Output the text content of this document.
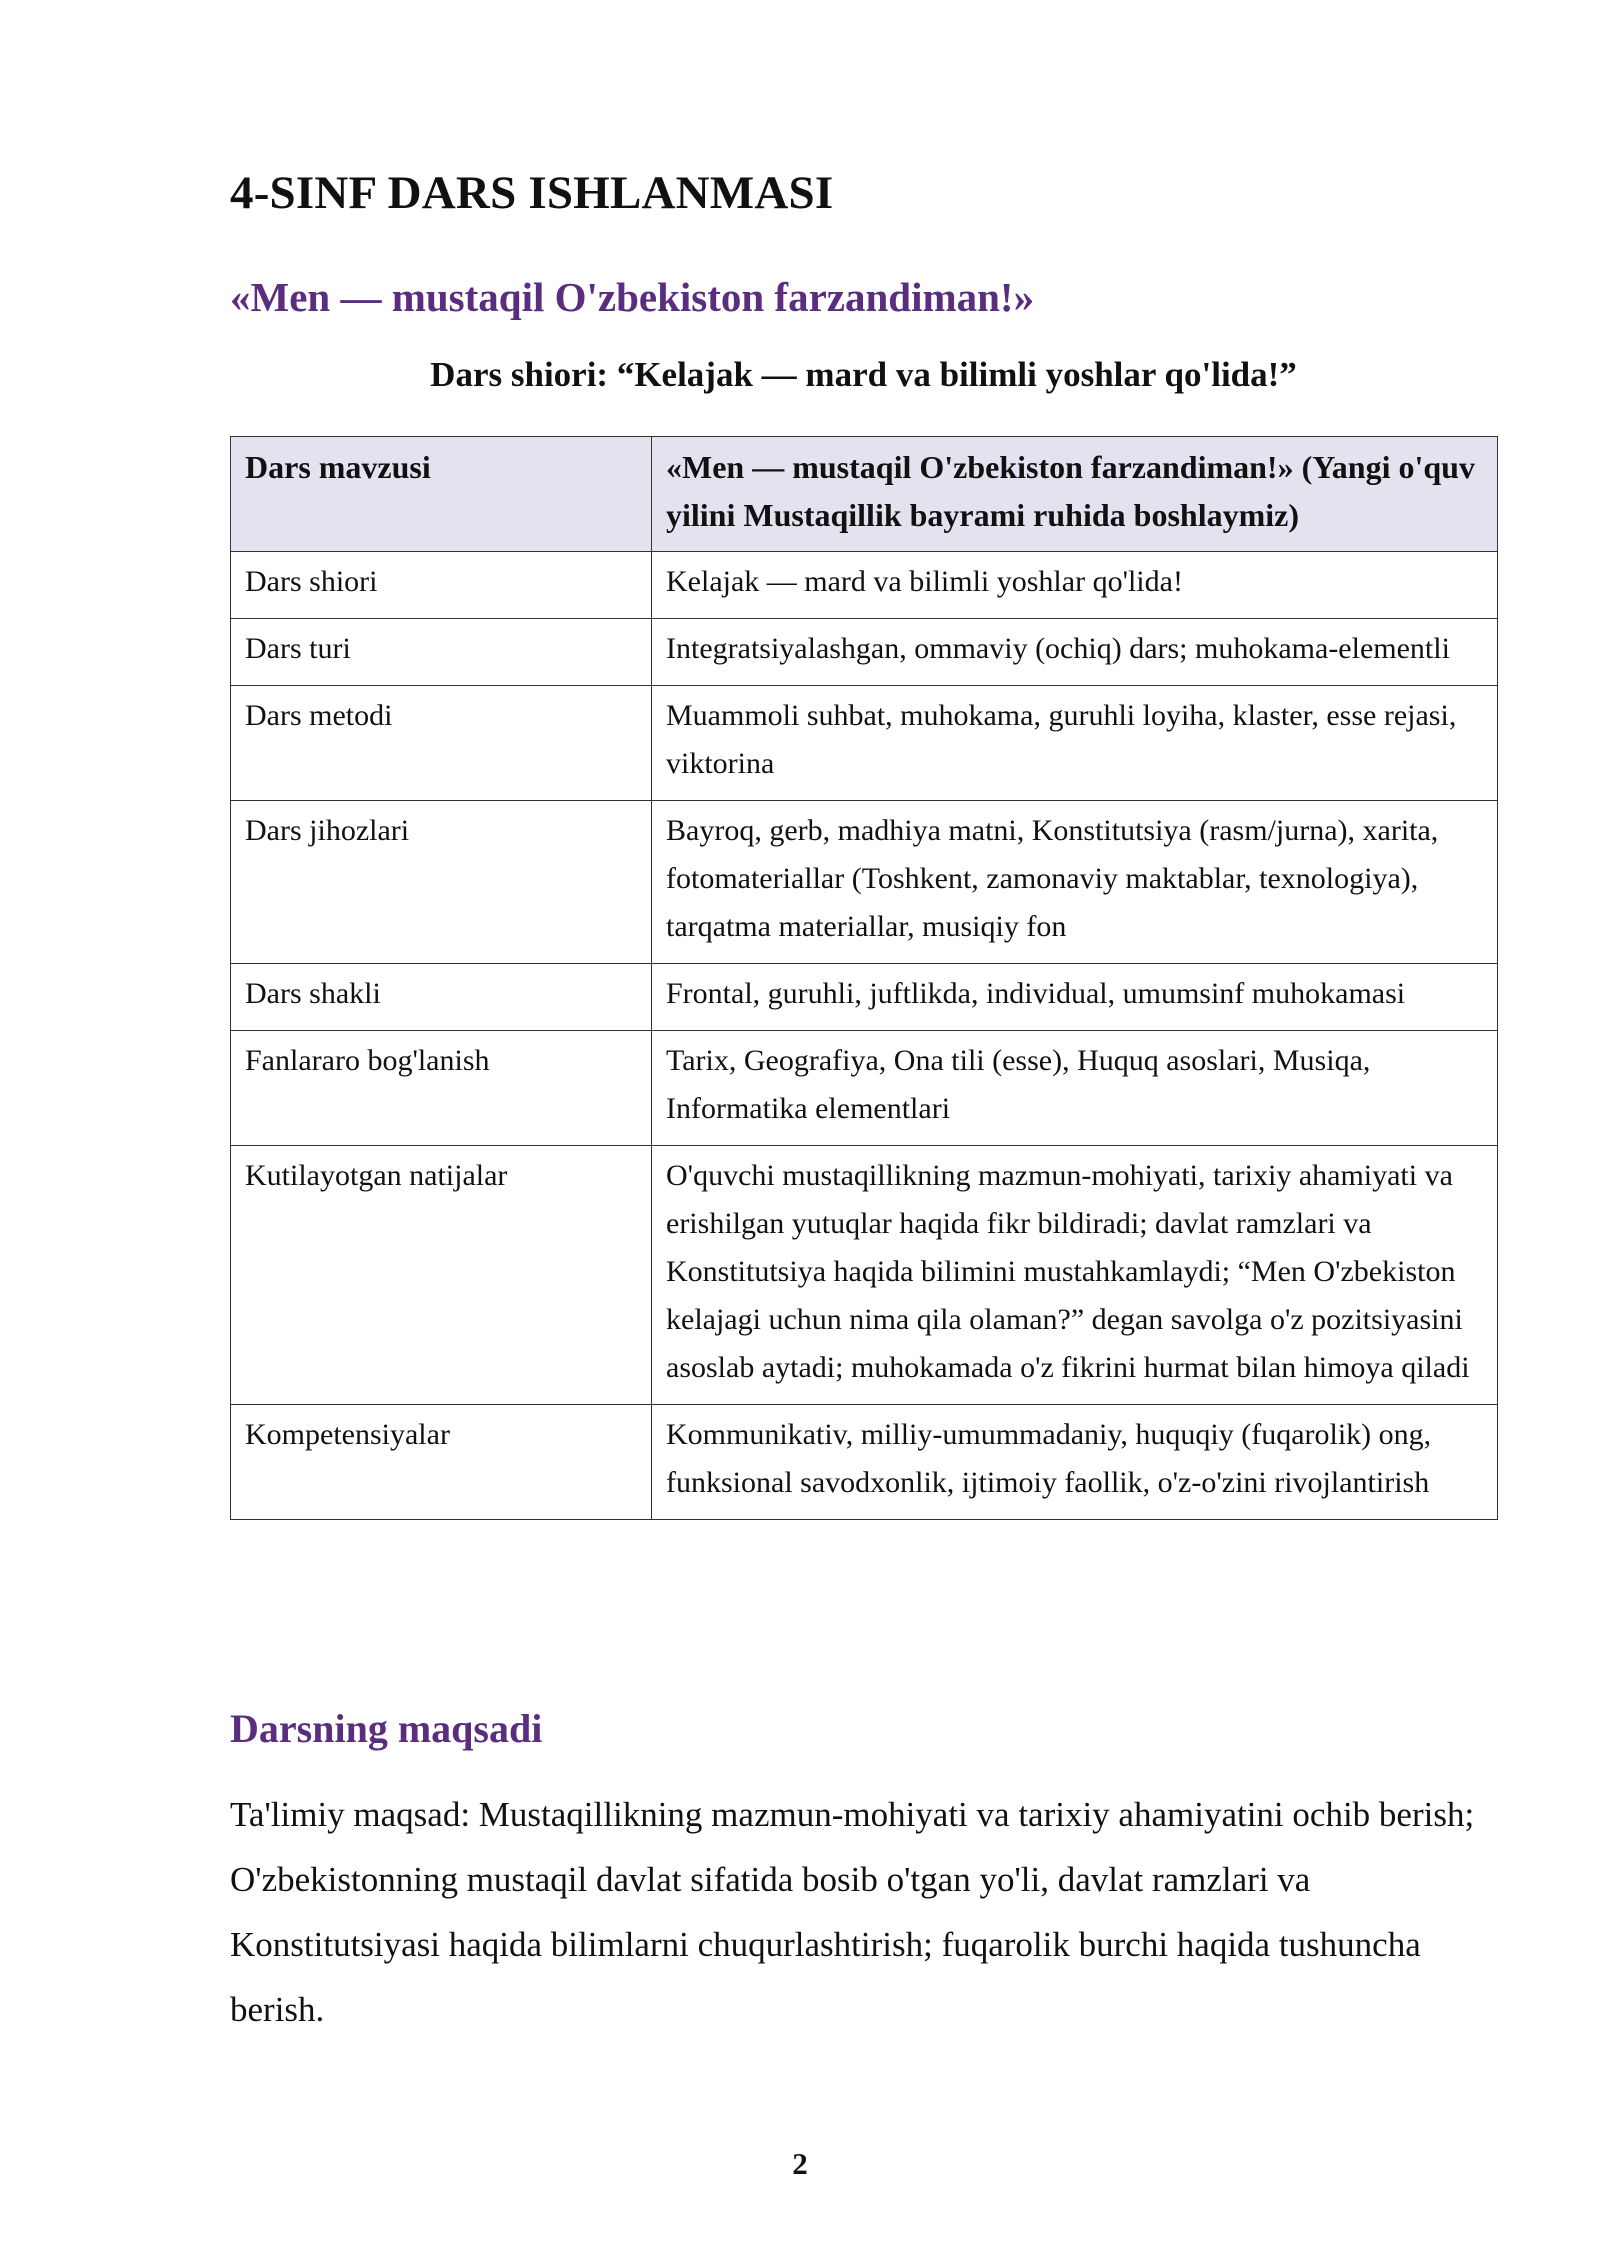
4-SINF DARS ISHLANMASI
«Men — mustaqil O'zbekiston farzandiman!»
Dars shiori: “Kelajak — mard va bilimli yoshlar qo'lida!”
Dars mavzusi	«Men — mustaqil O'zbekiston farzandiman!» (Yangi o'quv yilini Mustaqillik bayrami ruhida boshlaymiz)
Dars shiori	Kelajak — mard va bilimli yoshlar qo'lida!
Dars turi	Integratsiyalashgan, ommaviy (ochiq) dars; muhokama-elementli
Dars metodi	Muammoli suhbat, muhokama, guruhli loyiha, klaster, esse rejasi, viktorina
Dars jihozlari	Bayroq, gerb, madhiya matni, Konstitutsiya (rasm/jurna), xarita, fotomateriallar (Toshkent, zamonaviy maktablar, texnologiya), tarqatma materiallar, musiqiy fon
Dars shakli	Frontal, guruhli, juftlikda, individual, umumsinf muhokamasi
Fanlararo bog'lanish	Tarix, Geografiya, Ona tili (esse), Huquq asoslari, Musiqa, Informatika elementlari
Kutilayotgan natijalar	O'quvchi mustaqillikning mazmun-mohiyati, tarixiy ahamiyati va erishilgan yutuqlar haqida fikr bildiradi; davlat ramzlari va Konstitutsiya haqida bilimini mustahkamlaydi; “Men O'zbekiston kelajagi uchun nima qila olaman?” degan savolga o'z pozitsiyasini asoslab aytadi; muhokamada o'z fikrini hurmat bilan himoya qiladi
Kompetensiyalar	Kommunikativ, milliy-umummadaniy, huquqiy (fuqarolik) ong, funksional savodxonlik, ijtimoiy faollik, o'z-o'zini rivojlantirish
Darsning maqsadi

Ta'limiy maqsad: Mustaqillikning mazmun-mohiyati va tarixiy ahamiyatini ochib berish; O'zbekistonning mustaqil davlat sifatida bosib o'tgan yo'li, davlat ramzlari va Konstitutsiyasi haqida bilimlarni chuqurlashtirish; fuqarolik burchi haqida tushuncha berish.

2
